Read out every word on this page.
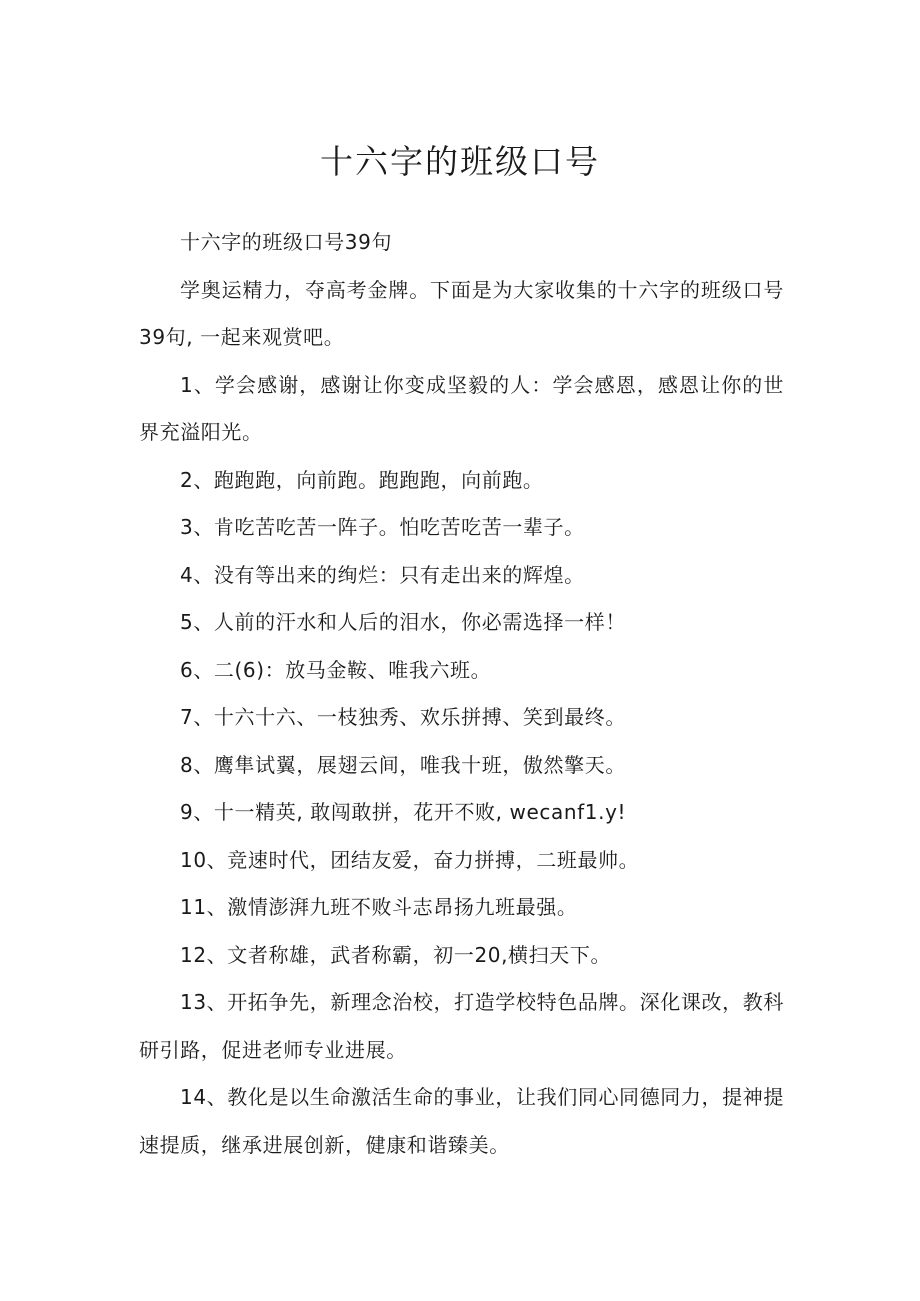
十六字的班级口号

十六字的班级口号39句

学奥运精力，夺高考金牌。下面是为大家收集的十六字的班级口号39句, 一起来观赏吧。

1、学会感谢，感谢让你变成坚毅的人：学会感恩，感恩让你的世界充溢阳光。

2、跑跑跑，向前跑。跑跑跑，向前跑。

3、肯吃苦吃苦一阵子。怕吃苦吃苦一辈子。

4、没有等出来的绚烂：只有走出来的辉煌。

5、人前的汗水和人后的泪水，你必需选择一样！

6、二(6)：放马金鞍、唯我六班。

7、十六十六、一枝独秀、欢乐拼搏、笑到最终。

8、鹰隼试翼，展翅云间，唯我十班，傲然擎天。

9、十一精英, 敢闯敢拼，花开不败, wecanf1.y!

10、竞速时代，团结友爱，奋力拼搏，二班最帅。

11、激情澎湃九班不败斗志昂扬九班最强。

12、文者称雄，武者称霸，初一20,横扫天下。

13、开拓争先，新理念治校，打造学校特色品牌。深化课改，教科研引路，促进老师专业进展。

14、教化是以生命激活生命的事业，让我们同心同德同力，提神提速提质，继承进展创新，健康和谐臻美。
